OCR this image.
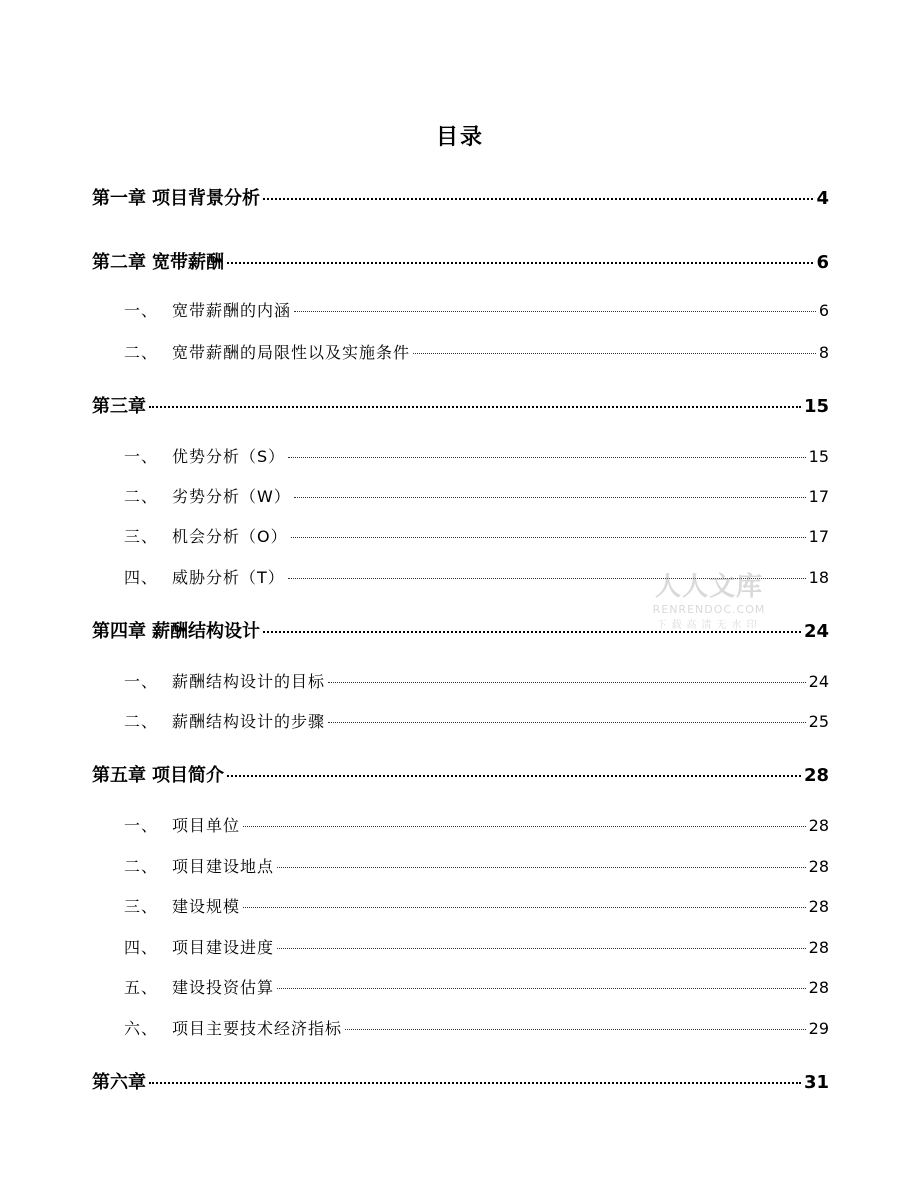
目录
第一章 项目背景分析	4
第二章 宽带薪酬	6
一、 宽带薪酬的内涵	6
二、 宽带薪酬的局限性以及实施条件	8
第三章	15
一、 优势分析（S）	15
二、 劣势分析（W）	17
三、 机会分析（O）	17
四、 威胁分析（T）	18
第四章 薪酬结构设计	24
一、 薪酬结构设计的目标	24
二、 薪酬结构设计的步骤	25
第五章 项目简介	28
一、 项目单位	28
二、 项目建设地点	28
三、 建设规模	28
四、 项目建设进度	28
五、 建设投资估算	28
六、 项目主要技术经济指标	29
第六章	31
人人文库
RENRENDOC.COM
下载高清无水印
